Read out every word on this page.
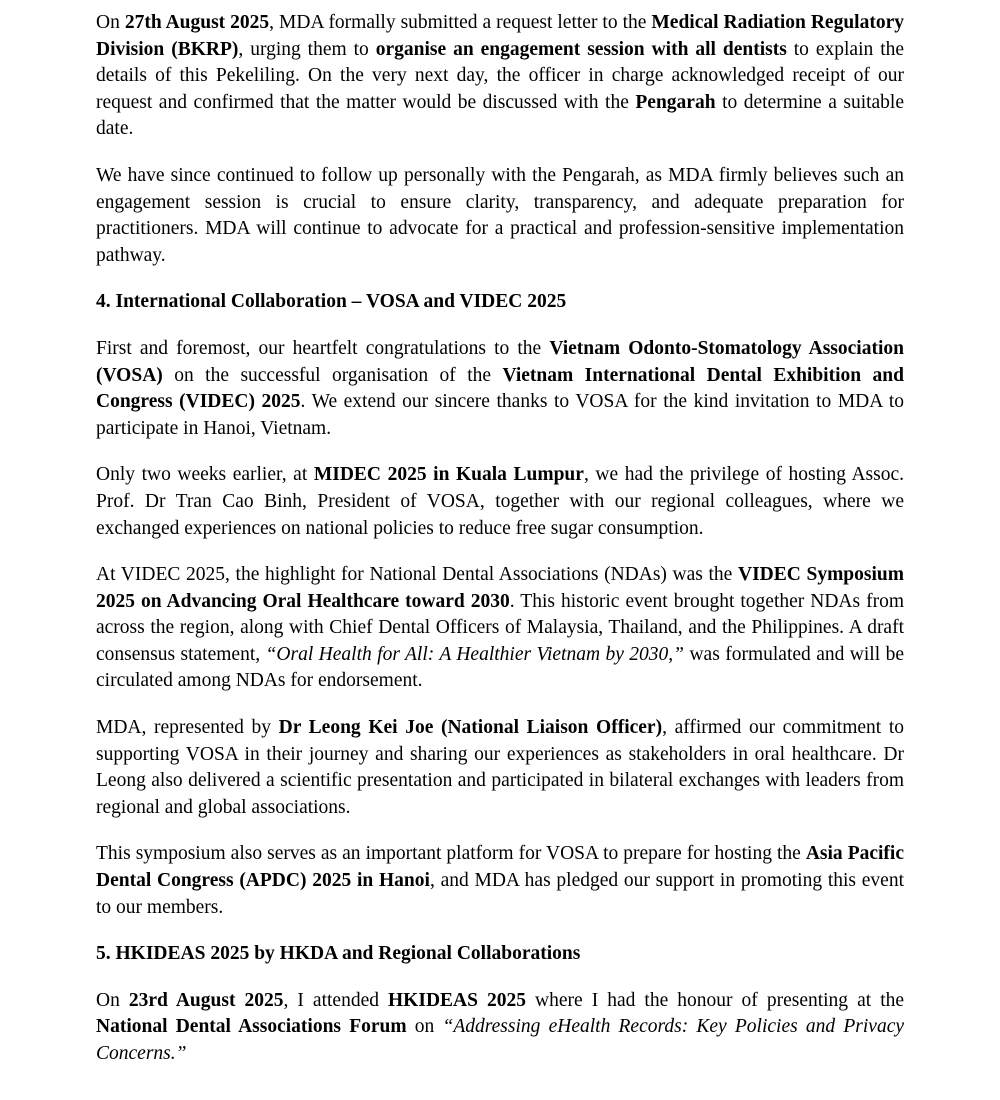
On 27th August 2025, MDA formally submitted a request letter to the Medical Radiation Regulatory Division (BKRP), urging them to organise an engagement session with all dentists to explain the details of this Pekeliling. On the very next day, the officer in charge acknowledged receipt of our request and confirmed that the matter would be discussed with the Pengarah to determine a suitable date.

We have since continued to follow up personally with the Pengarah, as MDA firmly believes such an engagement session is crucial to ensure clarity, transparency, and adequate preparation for practitioners. MDA will continue to advocate for a practical and profession-sensitive implementation pathway.

4. International Collaboration – VOSA and VIDEC 2025

First and foremost, our heartfelt congratulations to the Vietnam Odonto-Stomatology Association (VOSA) on the successful organisation of the Vietnam International Dental Exhibition and Congress (VIDEC) 2025. We extend our sincere thanks to VOSA for the kind invitation to MDA to participate in Hanoi, Vietnam.

Only two weeks earlier, at MIDEC 2025 in Kuala Lumpur, we had the privilege of hosting Assoc. Prof. Dr Tran Cao Binh, President of VOSA, together with our regional colleagues, where we exchanged experiences on national policies to reduce free sugar consumption.

At VIDEC 2025, the highlight for National Dental Associations (NDAs) was the VIDEC Symposium 2025 on Advancing Oral Healthcare toward 2030. This historic event brought together NDAs from across the region, along with Chief Dental Officers of Malaysia, Thailand, and the Philippines. A draft consensus statement, “Oral Health for All: A Healthier Vietnam by 2030,” was formulated and will be circulated among NDAs for endorsement.

MDA, represented by Dr Leong Kei Joe (National Liaison Officer), affirmed our commitment to supporting VOSA in their journey and sharing our experiences as stakeholders in oral healthcare. Dr Leong also delivered a scientific presentation and participated in bilateral exchanges with leaders from regional and global associations.

This symposium also serves as an important platform for VOSA to prepare for hosting the Asia Pacific Dental Congress (APDC) 2025 in Hanoi, and MDA has pledged our support in promoting this event to our members.

5. HKIDEAS 2025 by HKDA and Regional Collaborations

On 23rd August 2025, I attended HKIDEAS 2025 where I had the honour of presenting at the National Dental Associations Forum on “Addressing eHealth Records: Key Policies and Privacy Concerns.”
